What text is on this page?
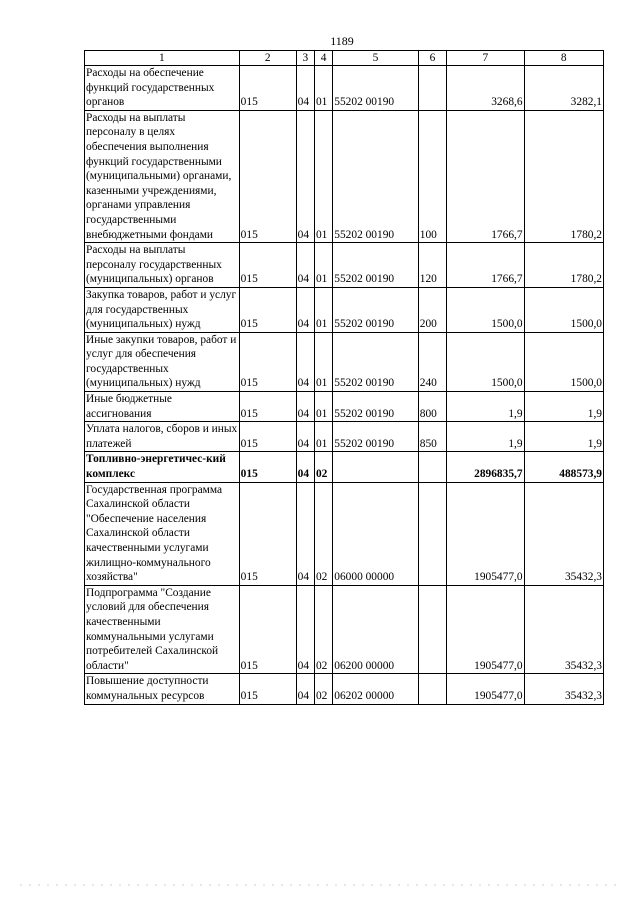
1189
1	2	3	4	5	6	7	8
Расходы на обеспечение функций государственных органов	015	04	01	55202 00190		3268,6	3282,1
Расходы на выплаты персоналу в целях обеспечения выполнения функций государственными (муниципальными) органами, казенными учреждениями, органами управления государственными внебюджетными фондами	015	04	01	55202 00190	100	1766,7	1780,2
Расходы на выплаты персоналу государственных (муниципальных) органов	015	04	01	55202 00190	120	1766,7	1780,2
Закупка товаров, работ и услуг для государственных (муниципальных) нужд	015	04	01	55202 00190	200	1500,0	1500,0
Иные закупки товаров, работ и услуг для обеспечения государственных (муниципальных) нужд	015	04	01	55202 00190	240	1500,0	1500,0
Иные бюджетные ассигнования	015	04	01	55202 00190	800	1,9	1,9
Уплата налогов, сборов и иных платежей	015	04	01	55202 00190	850	1,9	1,9
Топливно-энергетичес-кий комплекс	015	04	02			2896835,7	488573,9
Государственная программа Сахалинской области "Обеспечение населения Сахалинской области качественными услугами жилищно-коммунального хозяйства"	015	04	02	06000 00000		1905477,0	35432,3
Подпрограмма "Создание условий для обеспечения качественными коммунальными услугами потребителей Сахалинской области"	015	04	02	06200 00000		1905477,0	35432,3
Повышение доступности коммунальных ресурсов	015	04	02	06202 00000		1905477,0	35432,3
